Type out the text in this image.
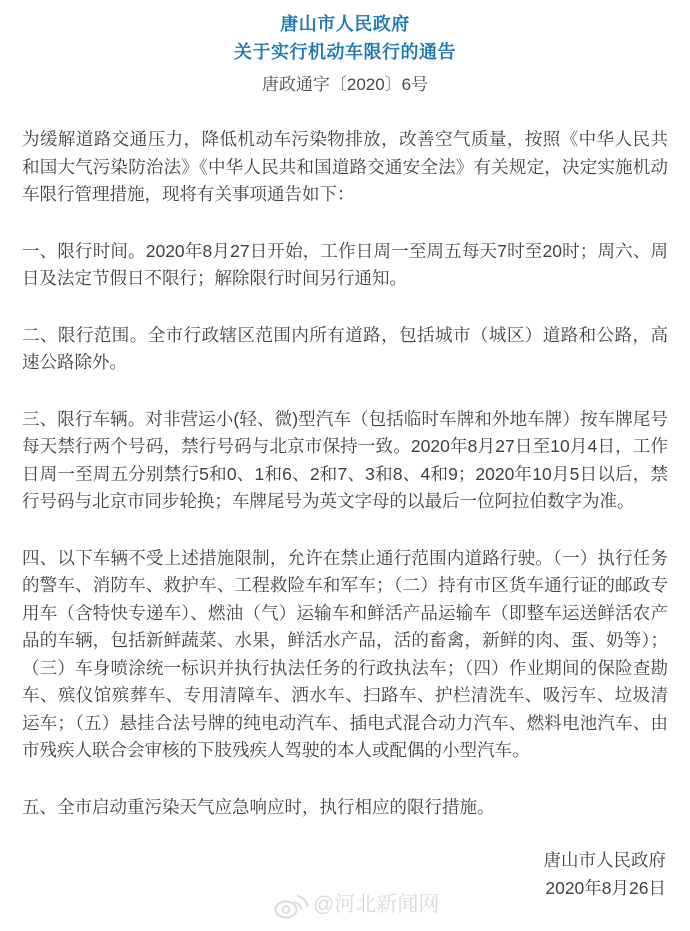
唐山市人民政府
关于实行机动车限行的通告
唐政通字〔2020〕6号

为缓解道路交通压力，降低机动车污染物排放，改善空气质量，按照《中华人民共和国大气污染防治法》《中华人民共和国道路交通安全法》有关规定，决定实施机动车限行管理措施，现将有关事项通告如下：

一、限行时间。2020年8月27日开始，工作日周一至周五每天7时至20时；周六、周日及法定节假日不限行；解除限行时间另行通知。

二、限行范围。全市行政辖区范围内所有道路，包括城市（城区）道路和公路，高速公路除外。

三、限行车辆。对非营运小(轻、微)型汽车（包括临时车牌和外地车牌）按车牌尾号每天禁行两个号码，禁行号码与北京市保持一致。2020年8月27日至10月4日，工作日周一至周五分别禁行5和0、1和6、2和7、3和8、4和9；2020年10月5日以后，禁行号码与北京市同步轮换；车牌尾号为英文字母的以最后一位阿拉伯数字为准。

四、以下车辆不受上述措施限制，允许在禁止通行范围内道路行驶。（一）执行任务的警车、消防车、救护车、工程救险车和军车；（二）持有市区货车通行证的邮政专用车（含特快专递车）、燃油（气）运输车和鲜活产品运输车（即整车运送鲜活农产品的车辆，包括新鲜蔬菜、水果，鲜活水产品，活的畜禽，新鲜的肉、蛋、奶等）；（三）车身喷涂统一标识并执行执法任务的行政执法车；（四）作业期间的保险查勘车、殡仪馆殡葬车、专用清障车、洒水车、扫路车、护栏清洗车、吸污车、垃圾清运车；（五）悬挂合法号牌的纯电动汽车、插电式混合动力汽车、燃料电池汽车、由市残疾人联合会审核的下肢残疾人驾驶的本人或配偶的小型汽车。

五、全市启动重污染天气应急响应时，执行相应的限行措施。

唐山市人民政府
2020年8月26日
@河北新闻网
